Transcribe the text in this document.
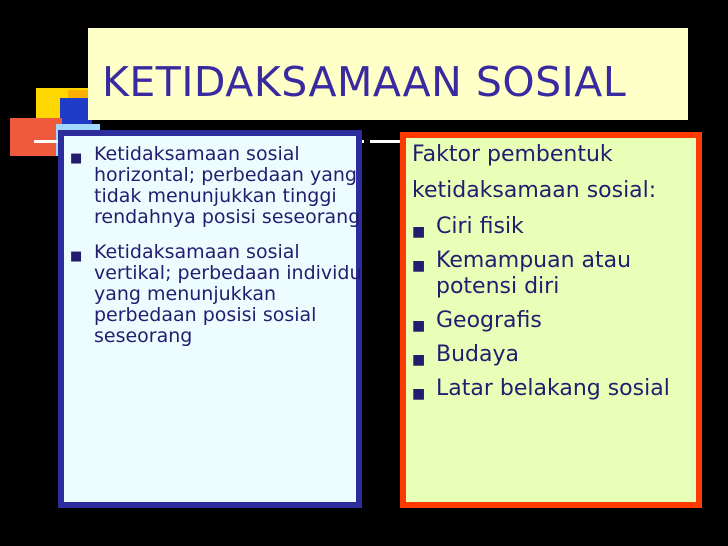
KETIDAKSAMAAN SOSIAL
■ Ketidaksamaan sosial horizontal; perbedaan yang tidak menunjukkan tinggi rendahnya posisi seseorang
■ Ketidaksamaan sosial vertikal; perbedaan individu yang menunjukkan perbedaan posisi sosial seseorang
Faktor pembentuk
ketidaksamaan sosial:
■ Ciri fisik
■ Kemampuan atau potensi diri
■ Geografis
■ Budaya
■ Latar belakang sosial
